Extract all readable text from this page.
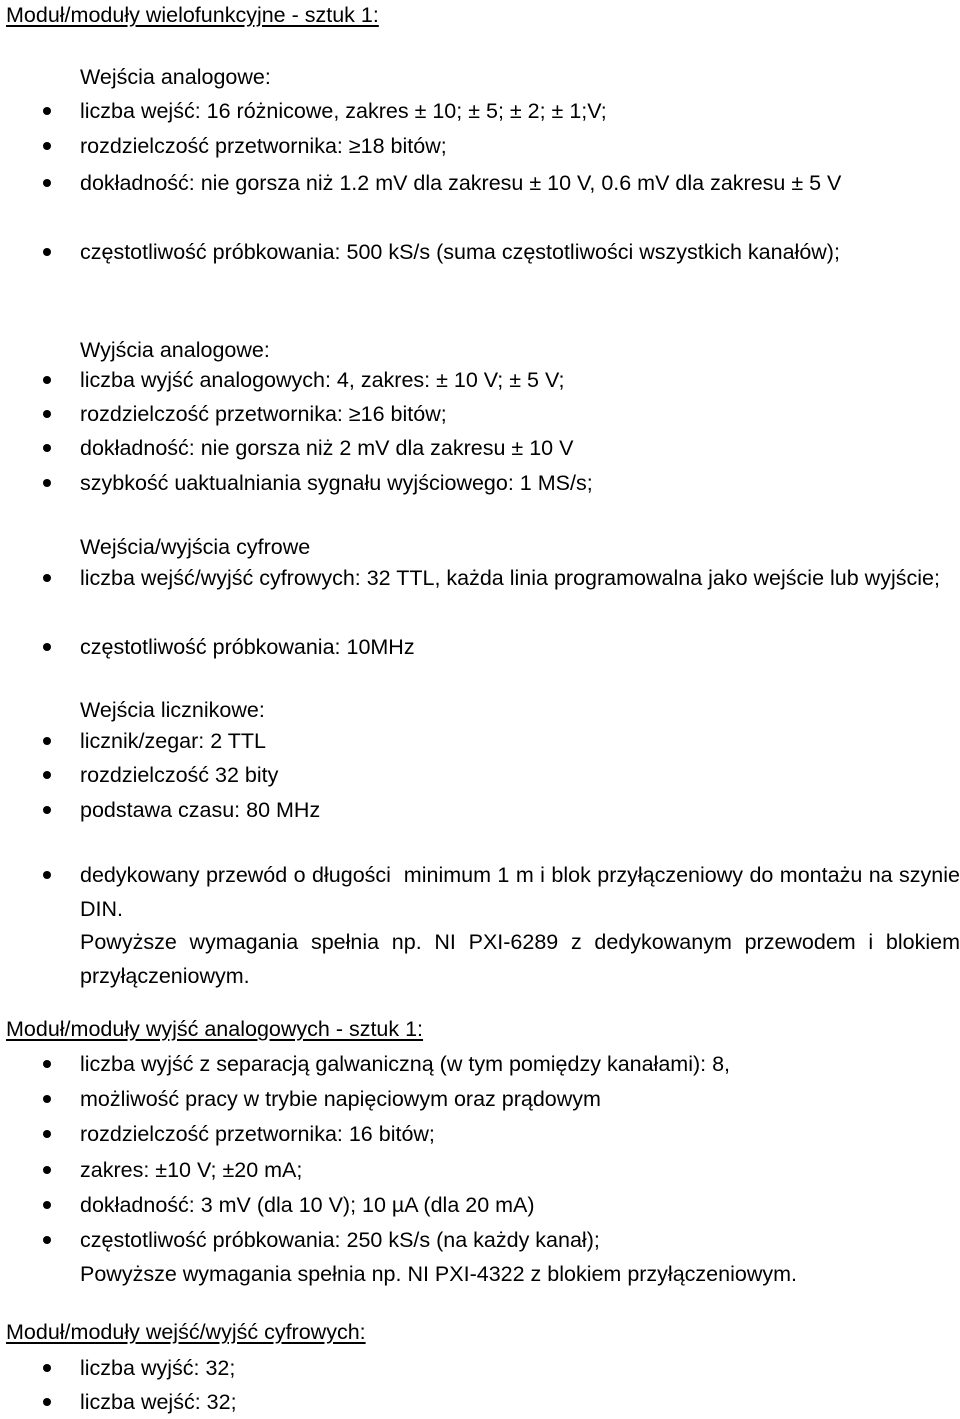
Moduł/moduły wielofunkcyjne - sztuk 1:
Wejścia analogowe:
liczba wejść: 16 różnicowe, zakres ± 10; ± 5; ± 2; ± 1;V;
rozdzielczość przetwornika: ≥18 bitów;
dokładność: nie gorsza niż 1.2 mV dla zakresu ± 10 V, 0.6 mV dla zakresu ± 5 V
częstotliwość próbkowania: 500 kS/s (suma częstotliwości wszystkich kanałów);
Wyjścia analogowe:
liczba wyjść analogowych: 4, zakres: ± 10 V; ± 5 V;
rozdzielczość przetwornika: ≥16 bitów;
dokładność: nie gorsza niż 2 mV dla zakresu ± 10 V
szybkość uaktualniania sygnału wyjściowego: 1 MS/s;
Wejścia/wyjścia cyfrowe
liczba wejść/wyjść cyfrowych: 32 TTL, każda linia programowalna jako wejście lub wyjście;
częstotliwość próbkowania: 10MHz
Wejścia licznikowe:
licznik/zegar: 2 TTL
rozdzielczość 32 bity
podstawa czasu: 80 MHz
dedykowany przewód o długości  minimum 1 m i blok przyłączeniowy do montażu na szynie DIN.
Powyższe wymagania spełnia np. NI PXI-6289 z dedykowanym przewodem i blokiem przyłączeniowym.
Moduł/moduły wyjść analogowych - sztuk 1:
liczba wyjść z separacją galwaniczną (w tym pomiędzy kanałami): 8,
możliwość pracy w trybie napięciowym oraz prądowym
rozdzielczość przetwornika: 16 bitów;
zakres: ±10 V; ±20 mA;
dokładność: 3 mV (dla 10 V); 10 µA (dla 20 mA)
częstotliwość próbkowania: 250 kS/s (na każdy kanał);
Powyższe wymagania spełnia np. NI PXI-4322 z blokiem przyłączeniowym.
Moduł/moduły wejść/wyjść cyfrowych:
liczba wyjść: 32;
liczba wejść: 32;
